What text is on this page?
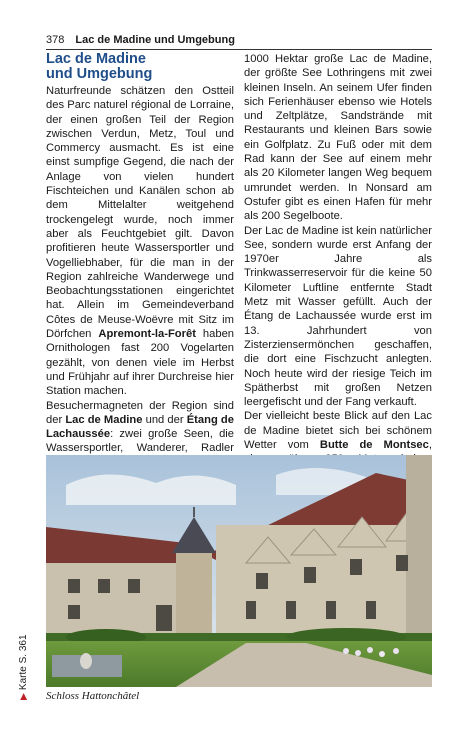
378 Lac de Madine und Umgebung
Lac de Madine
und Umgebung

Naturfreunde schätzen den Ostteil des Parc naturel régional de Lorraine, der einen großen Teil der Region zwischen Verdun, Metz, Toul und Commercy ausmacht. Es ist eine einst sumpfige Gegend, die nach der Anlage von vielen hundert Fischteichen und Kanälen schon ab dem Mittelalter weitgehend trockengelegt wurde, noch immer aber als Feuchtgebiet gilt. Davon profitieren heute Wassersportler und Vogelliebhaber, für die man in der Region zahlreiche Wanderwege und Beobachtungsstationen eingerichtet hat. Allein im Gemeindeverband Côtes de Meuse-Woëvre mit Sitz im Dörfchen Apremont-la-Forêt haben Ornithologen fast 200 Vogelarten gezählt, von denen viele im Herbst und Frühjahr auf ihrer Durchreise hier Station machen.

Besuchermagneten der Region sind der Lac de Madine und der Étang de Lachaussée: zwei große Seen, die Wassersportler, Wanderer, Radler

1000 Hektar große Lac de Madine, der größte See Lothringens mit zwei kleinen Inseln. An seinem Ufer finden sich Ferienhäuser ebenso wie Hotels und Zeltplätze, Sandstrände mit Restaurants und kleinen Bars sowie ein Golfplatz. Zu Fuß oder mit dem Rad kann der See auf einem mehr als 20 Kilometer langen Weg bequem umrundet werden. In Nonsard am Ostufer gibt es einen Hafen für mehr als 200 Segelboote.

Der Lac de Madine ist kein natürlicher See, sondern wurde erst Anfang der 1970er Jahre als Trinkwasserreservoir für die keine 50 Kilometer Luftline entfernte Stadt Metz mit Wasser gefüllt. Auch der Étang de Lachaussée wurde erst im 13. Jahrhundert von Zisterziensermönchen geschaffen, die dort eine Fischzucht anlegten. Noch heute wird der riesige Teich im Spätherbst mit großen Netzen leergefischt und der Fang verkauft.

Der vielleicht beste Blick auf den Lac de Madine bietet sich bei schönem Wetter vom Butte de Montsec,

Schloss Hattonchâtel
▶Karte S. 361
